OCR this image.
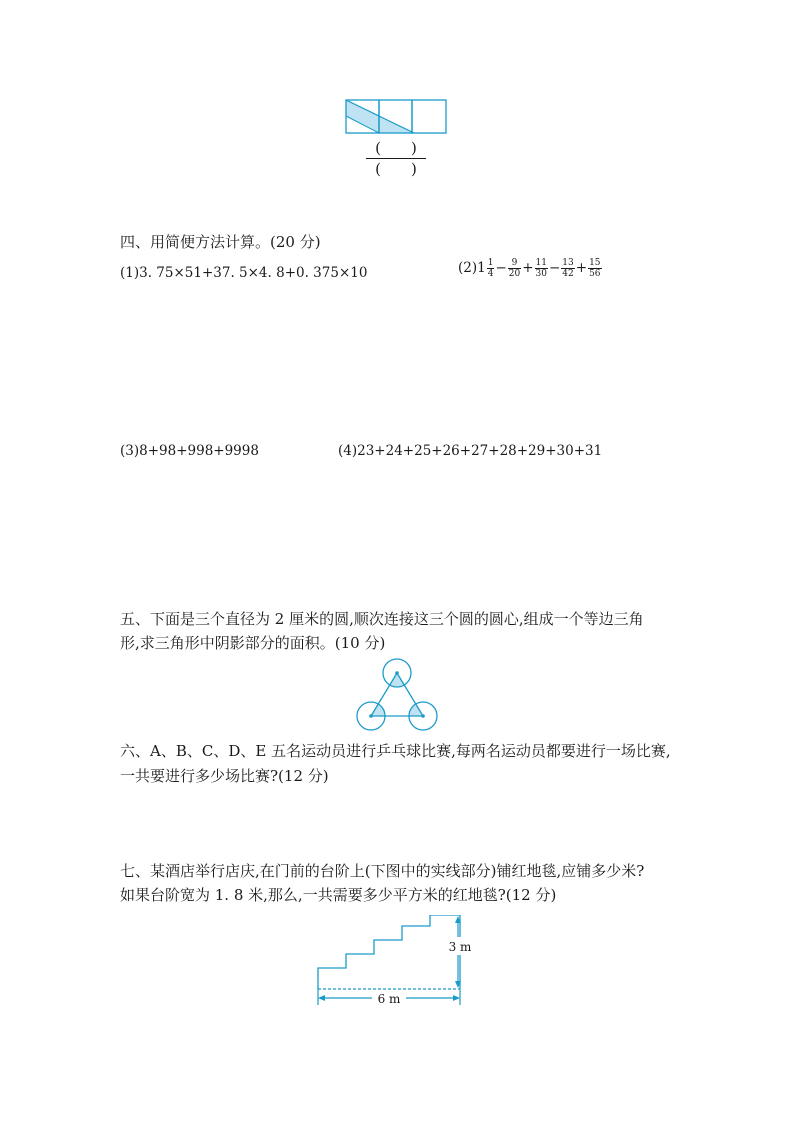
(　　)
(　　)
四、用简便方法计算。(20 分)
(1)3. 75×51+37. 5×4. 8+0. 375×10	$(2)1 \frac{1}{4} - \frac{9}{20} + \frac{11}{30} - \frac{13}{42} + \frac{15}{56}$
(3)8+98+998+9998	(4)23+24+25+26+27+28+29+30+31
五、下面是三个直径为 2 厘米的圆,顺次连接这三个圆的圆心,组成一个等边三角
形,求三角形中阴影部分的面积。(10 分)
六、A、B、C、D、E 五名运动员进行乒乓球比赛,每两名运动员都要进行一场比赛,
一共要进行多少场比赛?(12 分)
七、某酒店举行店庆,在门前的台阶上(下图中的实线部分)铺红地毯,应铺多少米?
如果台阶宽为 1. 8 米,那么,一共需要多少平方米的红地毯?(12 分)
3 m
6 m
